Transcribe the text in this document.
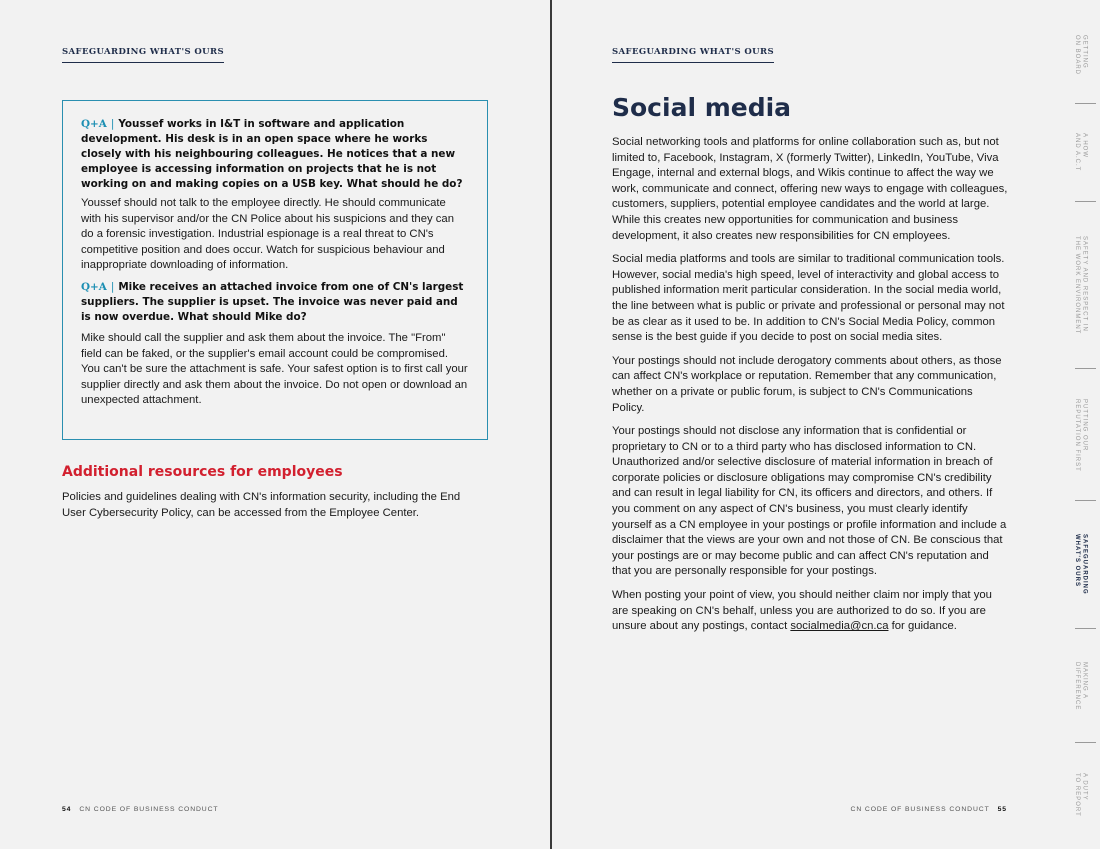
SAFEGUARDING WHAT'S OURS
Q+A | Youssef works in I&T in software and application development. His desk is in an open space where he works closely with his neighbouring colleagues. He notices that a new employee is accessing information on projects that he is not working on and making copies on a USB key. What should he do?
Youssef should not talk to the employee directly. He should communicate with his supervisor and/or the CN Police about his suspicions and they can do a forensic investigation. Industrial espionage is a real threat to CN's competitive position and does occur. Watch for suspicious behaviour and inappropriate downloading of information.
Q+A | Mike receives an attached invoice from one of CN's largest suppliers. The supplier is upset. The invoice was never paid and is now overdue. What should Mike do?
Mike should call the supplier and ask them about the invoice. The "From" field can be faked, or the supplier's email account could be compromised. You can't be sure the attachment is safe. Your safest option is to first call your supplier directly and ask them about the invoice. Do not open or download an unexpected attachment.
Additional resources for employees
Policies and guidelines dealing with CN's information security, including the End User Cybersecurity Policy, can be accessed from the Employee Center.
54 CN CODE OF BUSINESS CONDUCT
SAFEGUARDING WHAT'S OURS
Social media

Social networking tools and platforms for online collaboration such as, but not limited to, Facebook, Instagram, X (formerly Twitter), LinkedIn, YouTube, Viva Engage, internal and external blogs, and Wikis continue to affect the way we work, communicate and connect, offering new ways to engage with colleagues, customers, suppliers, potential employee candidates and the world at large. While this creates new opportunities for communication and business development, it also creates new responsibilities for CN employees.

Social media platforms and tools are similar to traditional communication tools. However, social media's high speed, level of interactivity and global access to published information merit particular consideration. In the social media world, the line between what is public or private and professional or personal may not be as clear as it used to be. In addition to CN's Social Media Policy, common sense is the best guide if you decide to post on social media sites.

Your postings should not include derogatory comments about others, as those can affect CN's workplace or reputation. Remember that any communication, whether on a private or public forum, is subject to CN's Communications Policy.

Your postings should not disclose any information that is confidential or proprietary to CN or to a third party who has disclosed information to CN. Unauthorized and/or selective disclosure of material information in breach of corporate policies or disclosure obligations may compromise CN's credibility and can result in legal liability for CN, its officers and directors, and others. If you comment on any aspect of CN's business, you must clearly identify yourself as a CN employee in your postings or profile information and include a disclaimer that the views are your own and not those of CN. Be conscious that your postings are or may become public and can affect CN's reputation and that you are personally responsible for your postings.

When posting your point of view, you should neither claim nor imply that you are speaking on CN's behalf, unless you are authorized to do so. If you are unsure about any postings, contact socialmedia@cn.ca for guidance.

CN CODE OF BUSINESS CONDUCT 55
GETTING
ON BOARD
A HOW
AND A.C.T
SAFETY AND RESPECT IN
THE WORK ENVIRONMENT
PUTTING OUR
REPUTATION FIRST
SAFEGUARDING
WHAT'S OURS
MAKING A
DIFFERENCE
A DUTY
TO REPORT
